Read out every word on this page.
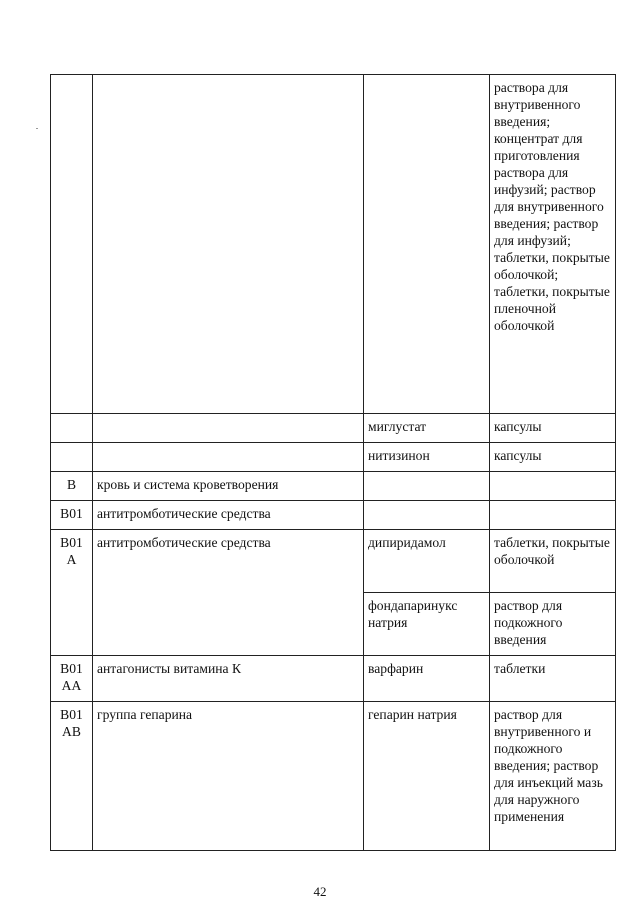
			раствора для внутривенного введения; концентрат для приготовления раствора для инфузий; раствор для внутривенного введения; раствор для инфузий; таблетки, покрытые оболочкой; таблетки, покрытые пленочной оболочкой
		миглустат	капсулы
		нитизинон	капсулы
B	кровь и система кроветворения		
B01	антитромботические средства		
B01 A	антитромботические средства	дипиридамол	таблетки, покрытые оболочкой
		фондапаринукс натрия	раствор для подкожного введения
B01 AA	антагонисты витамина К	варфарин	таблетки
B01 AB	группа гепарина	гепарин натрия	раствор для внутривенного и подкожного введения; раствор для инъекций мазь для наружного применения
42
